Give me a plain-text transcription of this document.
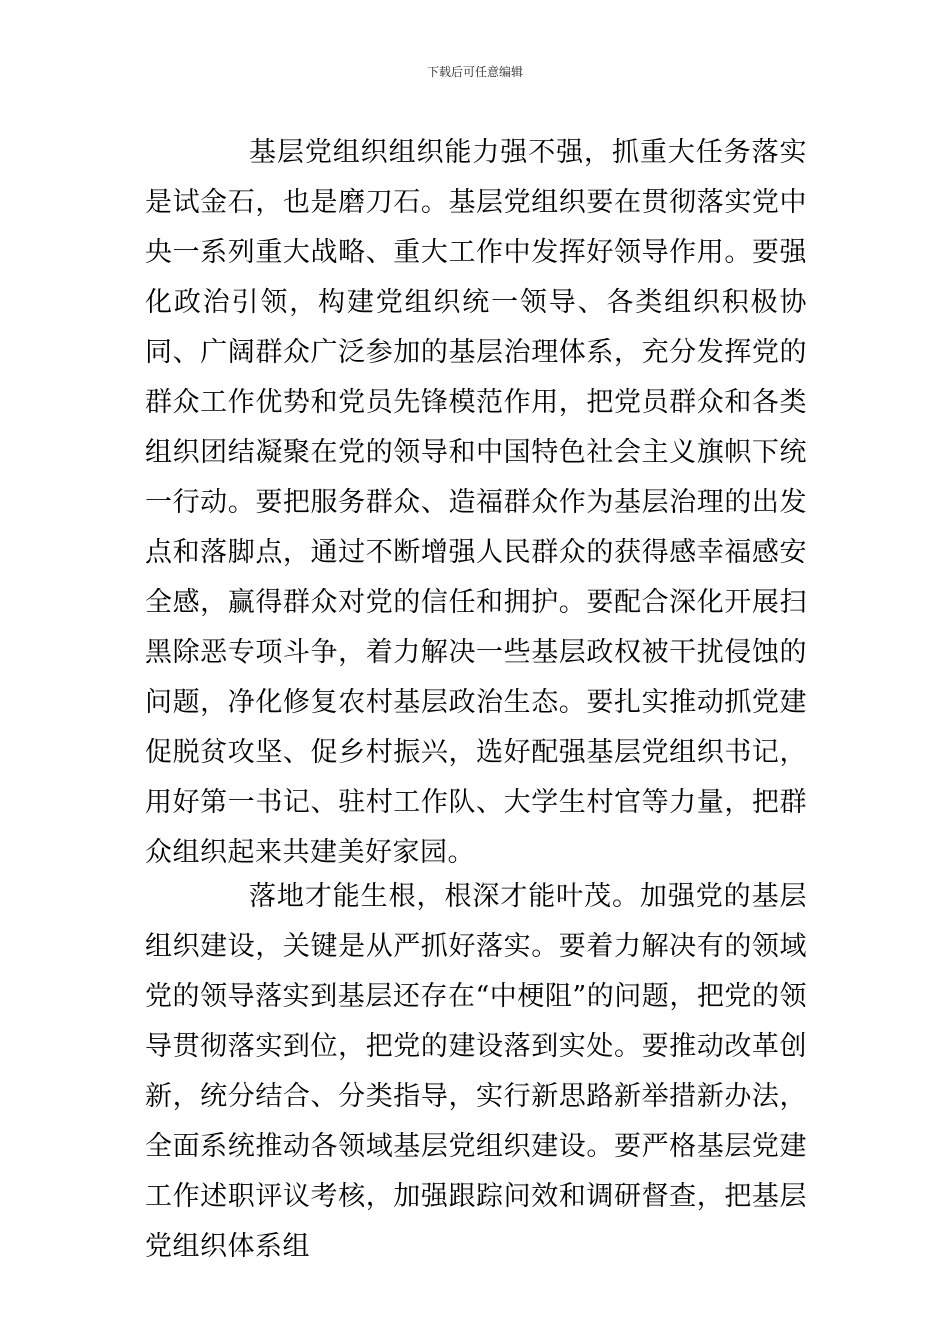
下载后可任意编辑

基层党组织组织能力强不强，抓重大任务落实是试金石，也是磨刀石。基层党组织要在贯彻落实党中央一系列重大战略、重大工作中发挥好领导作用。要强化政治引领，构建党组织统一领导、各类组织积极协同、广阔群众广泛参加的基层治理体系，充分发挥党的群众工作优势和党员先锋模范作用，把党员群众和各类组织团结凝聚在党的领导和中国特色社会主义旗帜下统一行动。要把服务群众、造福群众作为基层治理的出发点和落脚点，通过不断增强人民群众的获得感幸福感安全感，赢得群众对党的信任和拥护。要配合深化开展扫黑除恶专项斗争，着力解决一些基层政权被干扰侵蚀的问题，净化修复农村基层政治生态。要扎实推动抓党建促脱贫攻坚、促乡村振兴，选好配强基层党组织书记，用好第一书记、驻村工作队、大学生村官等力量，把群众组织起来共建美好家园。

落地才能生根，根深才能叶茂。加强党的基层组织建设，关键是从严抓好落实。要着力解决有的领域党的领导落实到基层还存在“中梗阻”的问题，把党的领导贯彻落实到位，把党的建设落到实处。要推动改革创新，统分结合、分类指导，实行新思路新举措新办法，全面系统推动各领域基层党组织建设。要严格基层党建工作述职评议考核，加强跟踪问效和调研督查，把基层党组织体系组
